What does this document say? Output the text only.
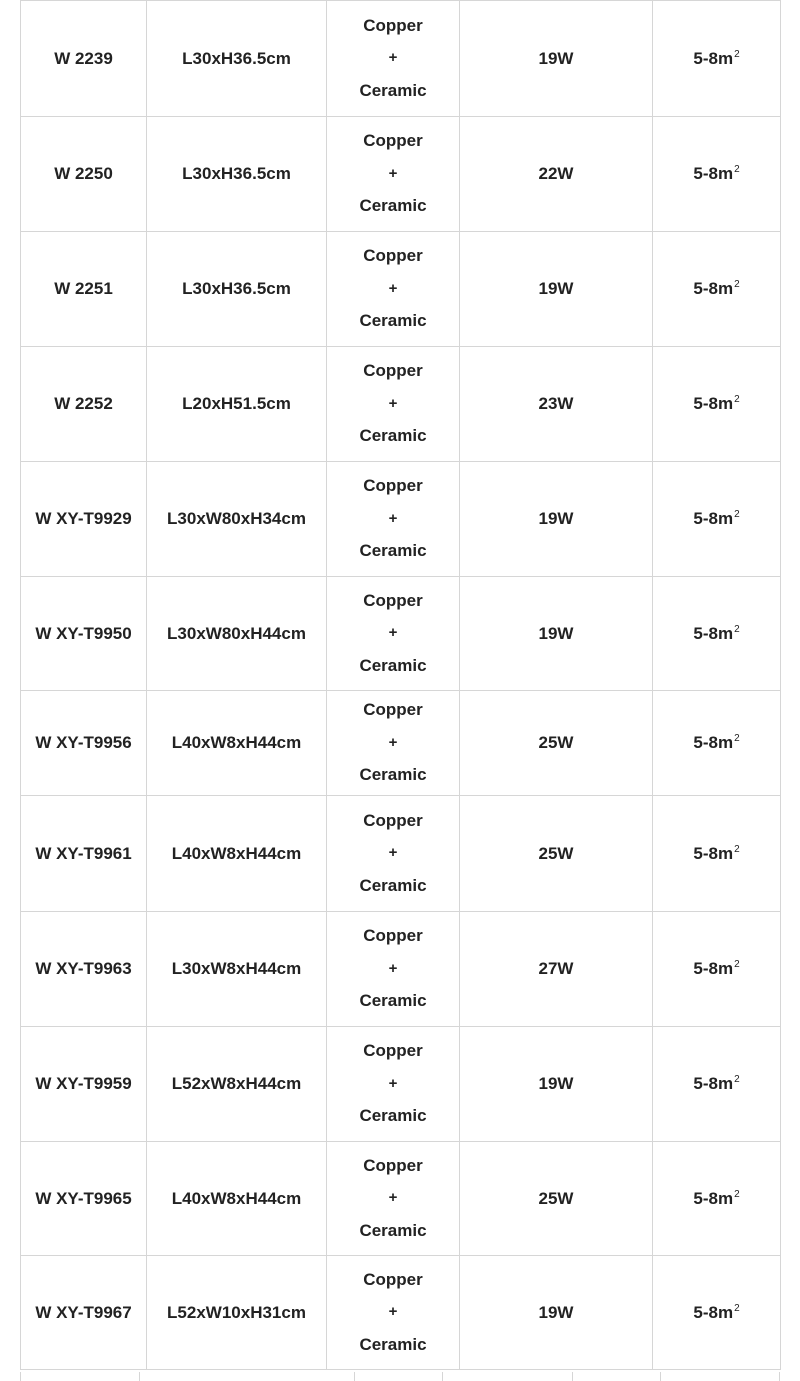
W 2239	L30xH36.5cm	Copper
+
Ceramic	19W	$5-8m^2$
W 2250	L30xH36.5cm	Copper
+
Ceramic	22W	$5-8m^2$
W 2251	L30xH36.5cm	Copper
+
Ceramic	19W	$5-8m^2$
W 2252	L20xH51.5cm	Copper
+
Ceramic	23W	$5-8m^2$
W XY-T9929	L30xW80xH34cm	Copper
+
Ceramic	19W	$5-8m^2$
W XY-T9950	L30xW80xH44cm	Copper
+
Ceramic	19W	$5-8m^2$
W XY-T9956	L40xW8xH44cm	Copper
+
Ceramic	25W	$5-8m^2$
W XY-T9961	L40xW8xH44cm	Copper
+
Ceramic	25W	$5-8m^2$
W XY-T9963	L30xW8xH44cm	Copper
+
Ceramic	27W	$5-8m^2$
W XY-T9959	L52xW8xH44cm	Copper
+
Ceramic	19W	$5-8m^2$
W XY-T9965	L40xW8xH44cm	Copper
+
Ceramic	25W	$5-8m^2$
W XY-T9967	L52xW10xH31cm	Copper
+
Ceramic	19W	$5-8m^2$
